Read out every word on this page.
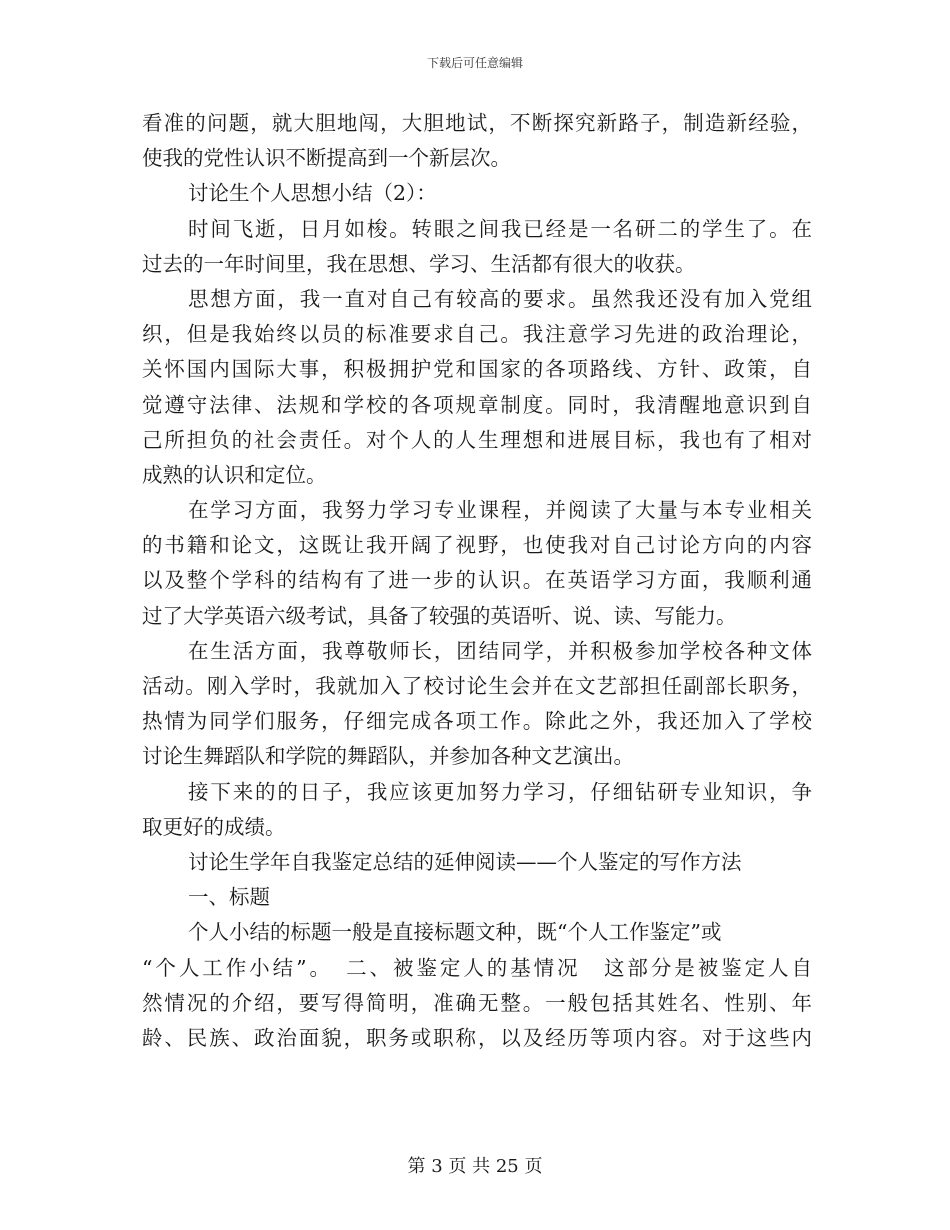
下载后可任意编辑
看准的问题，就大胆地闯，大胆地试，不断探究新路子，制造新经验，
使我的党性认识不断提高到一个新层次。
讨论生个人思想小结（2）：
时间飞逝，日月如梭。转眼之间我已经是一名研二的学生了。在
过去的一年时间里，我在思想、学习、生活都有很大的收获。
思想方面，我一直对自己有较高的要求。虽然我还没有加入党组
织，但是我始终以员的标准要求自己。我注意学习先进的政治理论，
关怀国内国际大事，积极拥护党和国家的各项路线、方针、政策，自
觉遵守法律、法规和学校的各项规章制度。同时，我清醒地意识到自
己所担负的社会责任。对个人的人生理想和进展目标，我也有了相对
成熟的认识和定位。
在学习方面，我努力学习专业课程，并阅读了大量与本专业相关
的书籍和论文，这既让我开阔了视野，也使我对自己讨论方向的内容
以及整个学科的结构有了进一步的认识。在英语学习方面，我顺利通
过了大学英语六级考试，具备了较强的英语听、说、读、写能力。
在生活方面，我尊敬师长，团结同学，并积极参加学校各种文体
活动。刚入学时，我就加入了校讨论生会并在文艺部担任副部长职务，
热情为同学们服务，仔细完成各项工作。除此之外，我还加入了学校
讨论生舞蹈队和学院的舞蹈队，并参加各种文艺演出。
接下来的的日子，我应该更加努力学习，仔细钻研专业知识，争
取更好的成绩。
讨论生学年自我鉴定总结的延伸阅读——个人鉴定的写作方法
一、标题
个人小结的标题一般是直接标题文种，既“个人工作鉴定”或
“个人工作小结”。　二、被鉴定人的基情况　这部分是被鉴定人自
然情况的介绍，要写得简明，准确无整。一般包括其姓名、性别、年
龄、民族、政治面貌，职务或职称，以及经历等项内容。对于这些内
第 3 页 共 25 页
